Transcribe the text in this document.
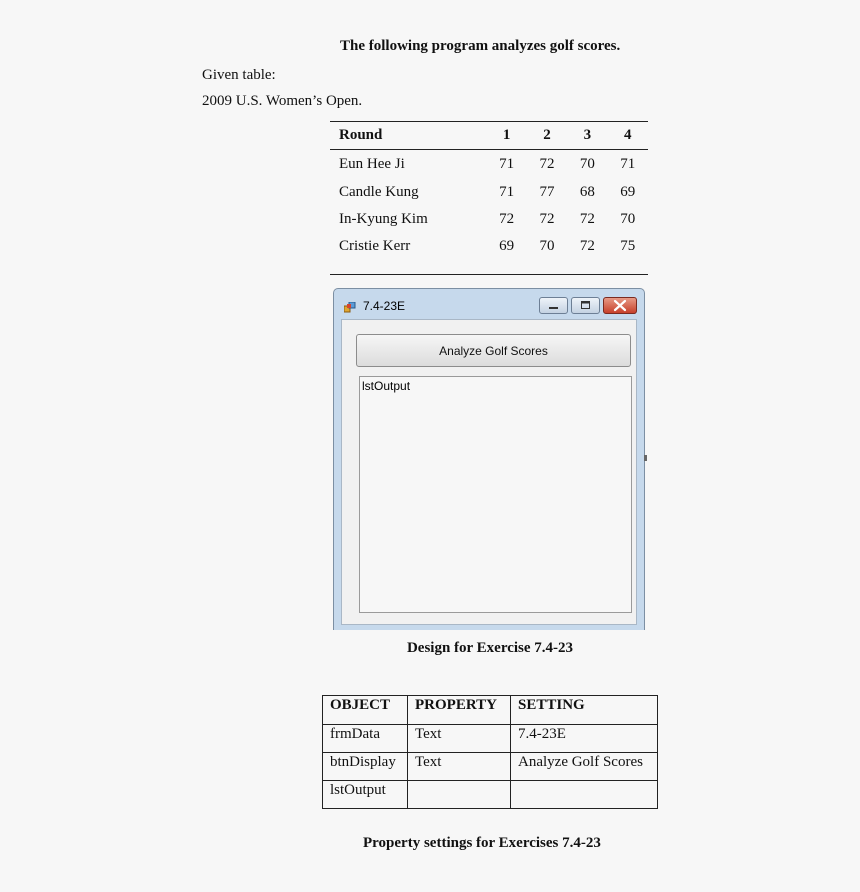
The following program analyzes golf scores.
Given table:
2009 U.S. Women’s Open.
Round	1	2	3	4
Eun Hee Ji	71	72	70	71
Candle Kung	71	77	68	69
In-Kyung Kim	72	72	72	70
Cristie Kerr	69	70	72	75
7.4-23E
Analyze Golf Scores
lstOutput
Design for Exercise 7.4-23
OBJECT	PROPERTY	SETTING
frmData	Text	7.4-23E
btnDisplay	Text	Analyze Golf Scores
lstOutput		
Property settings for Exercises 7.4-23
